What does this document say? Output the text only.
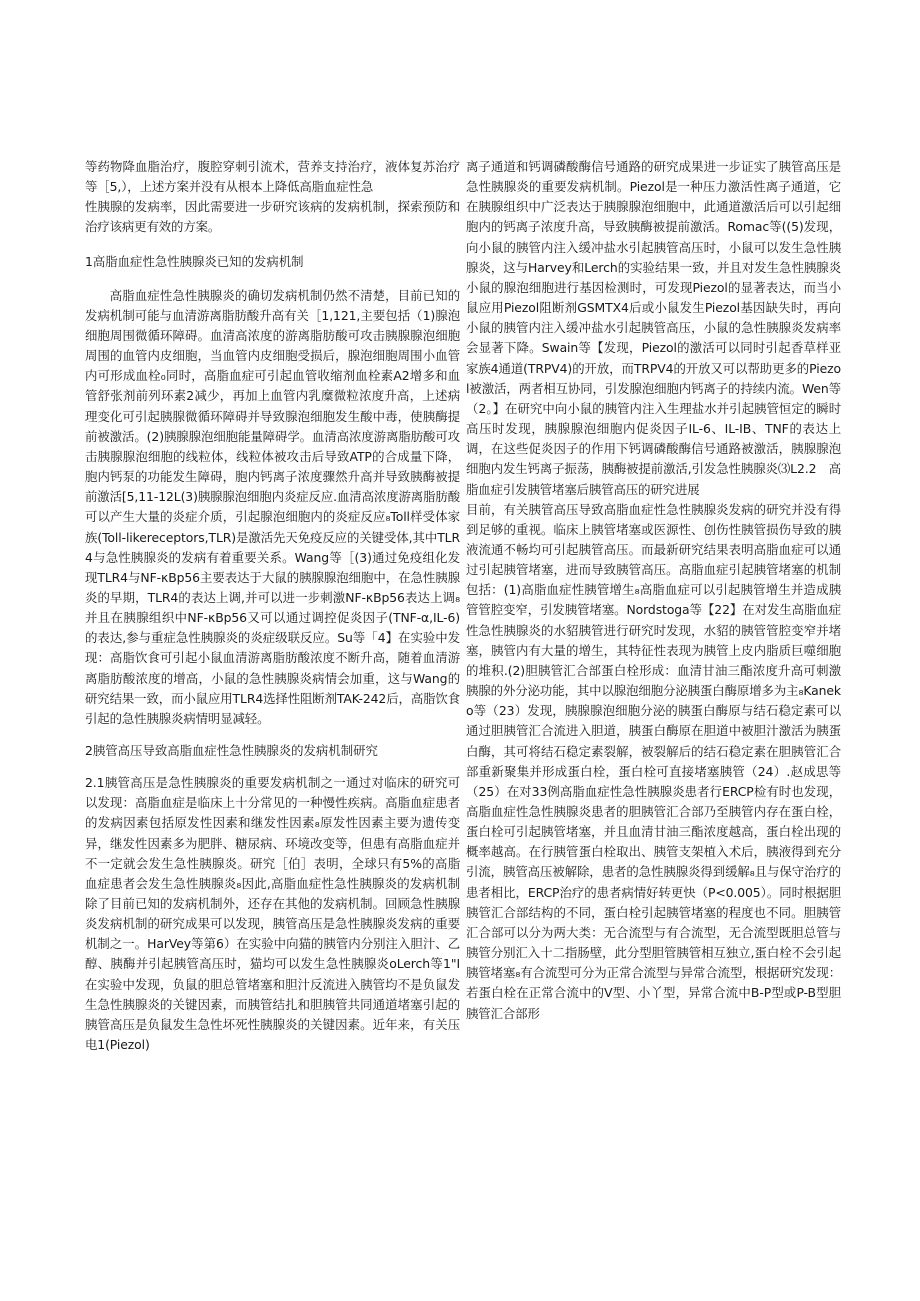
等药物降血脂治疗，腹腔穿刺引流术，营养支持治疗，液体复苏治疗等［5,），上述方案并没有从根本上降低高脂血症性急

性胰腺的发病率，因此需要进一步研究该病的发病机制，探索预防和治疗该病更有效的方案。

1高脂血症性急性胰腺炎已知的发病机制

高脂血症性急性胰腺炎的确切发病机制仍然不清楚，目前已知的发病机制可能与血清游离脂肪酸升高有关［1,121,主要包括（1)腺泡细胞周围微循环障碍。血清高浓度的游离脂肪酸可攻击胰腺腺泡细胞周围的血管内皮细胞，当血管内皮细胞受损后，腺泡细胞周围小血管内可形成血栓₀同时，高脂血症可引起血管收缩剂血栓素A2增多和血管舒张剂前列环素2减少，再加上血管内乳糜微粒浓度升高，上述病理变化可引起胰腺微循环障碍并导致腺泡细胞发生酸中毒，使胰酶提前被激活。(2)胰腺腺泡细胞能量障碍学。血清高浓度游离脂肪酸可攻击胰腺腺泡细胞的线粒体，线粒体被攻击后导致ATP的合成量下降，胞内钙泵的功能发生障碍，胞内钙离子浓度骤然升高并导致胰酶被提前激活[5,11-12L(3)胰腺腺泡细胞内炎症反应.血清高浓度游离脂肪酸可以产生大量的炎症介质，引起腺泡细胞内的炎症反应₈Toll样受体家族(Toll-likereceptors,TLR)是激活先天免疫反应的关键受体,其中TLR4与急性胰腺炎的发病有着重要关系。Wang等［(3)通过免疫组化发现TLR4与NF-κBp56主要表达于大鼠的胰腺腺泡细胞中，在急性胰腺炎的早期，TLR4的表达上调,并可以进一步刺激NF-κBp56表达上调₈并且在胰腺组织中NF-κBp56又可以通过调控促炎因子(TNF-α,IL-6)的表达,参与重症急性胰腺炎的炎症级联反应。Su等「4】在实验中发现：高脂饮食可引起小鼠血清游离脂肪酸浓度不断升高，随着血清游离脂肪酸浓度的增高，小鼠的急性胰腺炎病情会加重，这与Wang的研究结果一致，而小鼠应用TLR4选择性阻断剂TAK-242后，高脂饮食引起的急性胰腺炎病情明显减轻。

2胰管高压导致高脂血症性急性胰腺炎的发病机制研究

2.1胰管高压是急性胰腺炎的重要发病机制之一通过对临床的研究可以发现：高脂血症是临床上十分常见的一种慢性疾病。高脂血症患者的发病因素包括原发性因素和继发性因素₈原发性因素主要为遗传变异，继发性因素多为肥胖、糖尿病、环境改变等，但患有高脂血症并不一定就会发生急性胰腺炎。研究［伯］表明，全球只有5%的高脂血症患者会发生急性胰腺炎₈因此,高脂血症性急性胰腺炎的发病机制除了目前已知的发病机制外，还存在其他的发病机制。回顾急性胰腺炎发病机制的研究成果可以发现，胰管高压是急性胰腺炎发病的重要机制之一。HarVey等第6）在实验中向猫的胰管内分别注入胆汁、乙醇、胰酶并引起胰管高压时，猫均可以发生急性胰腺炎oLerch等1"I在实验中发现，负鼠的胆总管堵塞和胆汁反流进入胰管均不是负鼠发生急性胰腺炎的关键因素，而胰管结扎和胆胰管共同通道堵塞引起的胰管高压是负鼠发生急性坏死性胰腺炎的关键因素。近年来，有关压电1(Piezol)

离子通道和钙调磷酸酶信号通路的研究成果进一步证实了胰管高压是急性胰腺炎的重要发病机制。Piezol是一种压力激活性离子通道，它在胰腺组织中广泛表达于胰腺腺泡细胞中，此通道激活后可以引起细胞内的钙离子浓度升高，导致胰酶被提前激活。Romac等((5)发现，向小鼠的胰管内注入缓冲盐水引起胰管高压时，小鼠可以发生急性胰腺炎，这与Harvey和Lerch的实验结果一致，并且对发生急性胰腺炎小鼠的腺泡细胞进行基因检测时，可发现Piezol的显著表达，而当小鼠应用Piezol阻断剂GSMTX4后或小鼠发生Piezol基因缺失时，再向小鼠的胰管内注入缓冲盐水引起胰管高压，小鼠的急性胰腺炎发病率会显著下降。Swain等【发现，Piezol的激活可以同时引起香草样亚家族4通道(TRPV4)的开放，而TRPV4的开放又可以帮助更多的Piezol被激活，两者相互协同，引发腺泡细胞内钙离子的持续内流。Wen等（2。】在研究中向小鼠的胰管内注入生理盐水并引起胰管恒定的瞬时高压时发现，胰腺腺泡细胞内促炎因子IL-6、IL-IB、TNF的表达上调，在这些促炎因子的作用下钙调磷酸酶信号通路被激活，胰腺腺泡细胞内发生钙离子振荡，胰酶被提前激活,引发急性胰腺炎⑶L2.2　高脂血症引发胰管堵塞后胰管高压的研究进展

目前，有关胰管高压导致高脂血症性急性胰腺炎发病的研究并没有得到足够的重视。临床上胰管堵塞或医源性、创伤性胰管损伤导致的胰液流通不畅均可引起胰管高压。而最新研究结果表明高脂血症可以通过引起胰管堵塞，进而导致胰管高压。高脂血症引起胰管堵塞的机制包括：(1)高脂血症性胰管增生₈高脂血症可以引起胰管增生并造成胰管管腔变窄，引发胰管堵塞。Nordstoga等【22】在对发生高脂血症性急性胰腺炎的水貂胰管进行研究时发现，水貂的胰管管腔变窄并堵塞，胰管内有大量的增生，其特征性表现为胰管上皮内脂质巨噬细胞的堆积.(2)胆胰管汇合部蛋白栓形成：血清甘油三酯浓度升高可刺激胰腺的外分泌功能，其中以腺泡细胞分泌胰蛋白酶原增多为主₈Kaneko等（23）发现，胰腺腺泡细胞分泌的胰蛋白酶原与结石稳定素可以通过胆胰管汇合流进入胆道，胰蛋白酶原在胆道中被胆汁激活为胰蛋白酶，其可将结石稳定素裂解，被裂解后的结石稳定素在胆胰管汇合部重新聚集并形成蛋白栓，蛋白栓可直接堵塞胰管（24）.赵成思等（25）在对33例高脂血症性急性胰腺炎患者行ERCP检有时也发现，高脂血症性急性胰腺炎患者的胆胰管汇合部乃至胰管内存在蛋白栓，蛋白栓可引起胰管堵塞，并且血清甘油三酯浓度越高，蛋白栓出现的概率越高。在行胰管蛋白栓取出、胰管支架植入术后，胰液得到充分引流，胰管高压被解除，患者的急性胰腺炎得到缓解₈且与保守治疗的患者相比，ERCP治疗的患者病情好转更快（P<0.005）。同时根据胆胰管汇合部结构的不同，蛋白栓引起胰管堵塞的程度也不同。胆胰管汇合部可以分为两大类：无合流型与有合流型，无合流型既胆总管与胰管分别汇入十二指肠壁，此分型胆管胰管相互独立,蛋白栓不会引起胰管堵塞₈有合流型可分为正常合流型与异常合流型，根据研究发现：若蛋白栓在正常合流中的V型、小丫型，异常合流中B-P型或P-B型胆胰管汇合部形
